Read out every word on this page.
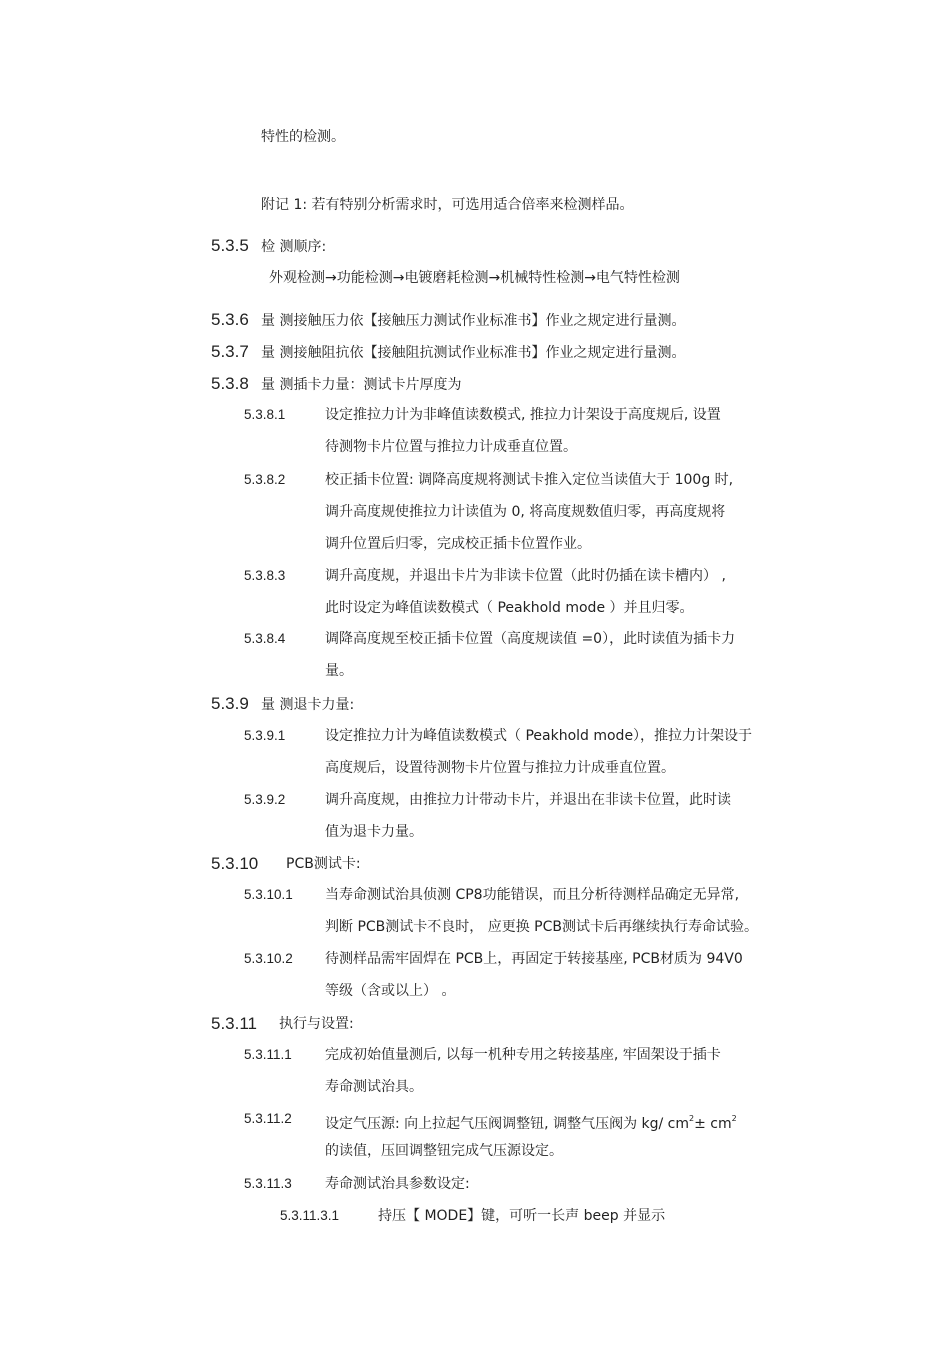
特性的检测。
附记 1: 若有特别分析需求时，可选用适合倍率来检测样品。
5.3.5 检 测顺序:
外观检测→功能检测→电镀磨耗检测→机械特性检测→电气特性检测
5.3.6 量 测接触压力依【接触压力测试作业标准书】作业之规定进行量测。
5.3.7 量 测接触阻抗依【接触阻抗测试作业标准书】作业之规定进行量测。
5.3.8 量 测插卡力量：测试卡片厚度为
5.3.8.1	设定推拉力计为非峰值读数模式, 推拉力计架设于高度规后, 设置
待测物卡片位置与推拉力计成垂直位置。
5.3.8.2	校正插卡位置: 调降高度规将测试卡推入定位当读值大于 100g 时,
调升高度规使推拉力计读值为 0, 将高度规数值归零，再高度规将
调升位置后归零，完成校正插卡位置作业。
5.3.8.3	调升高度规，并退出卡片为非读卡位置（此时仍插在读卡槽内） ,
此时设定为峰值读数模式（ Peakhold mode ）并且归零。
5.3.8.4	调降高度规至校正插卡位置（高度规读值 =0），此时读值为插卡力
量。
5.3.9 量 测退卡力量:
5.3.9.1	设定推拉力计为峰值读数模式（ Peakhold mode），推拉力计架设于
高度规后，设置待测物卡片位置与推拉力计成垂直位置。
5.3.9.2	调升高度规，由推拉力计带动卡片，并退出在非读卡位置，此时读
值为退卡力量。
5.3.10 PCB测试卡:
5.3.10.1 当寿命测试治具侦测 CP8功能错误，而且分析待测样品确定无异常,
判断 PCB测试卡不良时， 应更换 PCB测试卡后再继续执行寿命试验。
5.3.10.2 待测样品需牢固焊在 PCB上，再固定于转接基座, PCB材质为 94V0
等级（含或以上） 。
5.3.11 执行与设置:
5.3.11.1 完成初始值量测后, 以每一机种专用之转接基座, 牢固架设于插卡
寿命测试治具。
5.3.11.2 设定气压源: 向上拉起气压阀调整钮, 调整气压阀为 kg/ $cm^2\pm cm^2$
的读值，压回调整钮完成气压源设定。
5.3.11.3 寿命测试治具参数设定:
5.3.11.3.1	持压【 MODE】键，可听一长声 beep 并显示
